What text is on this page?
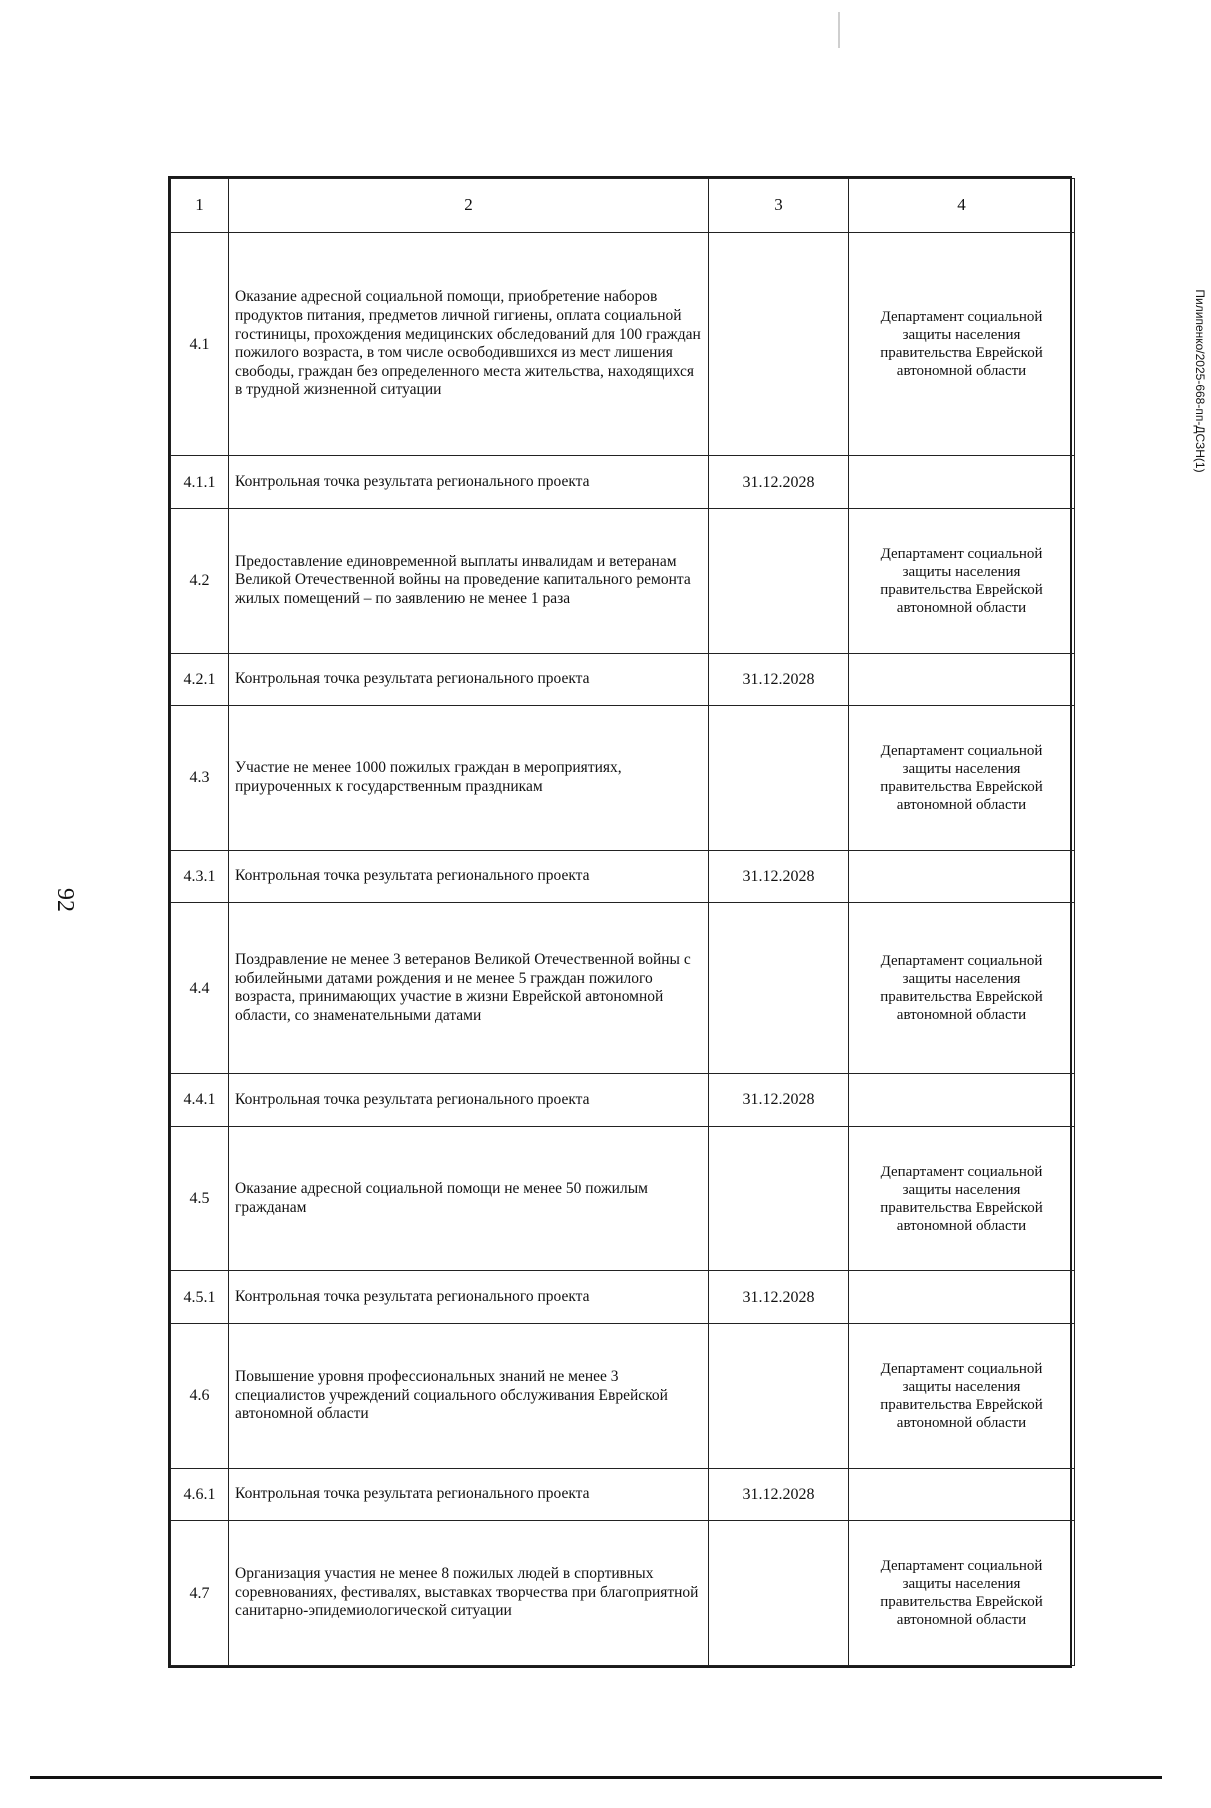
92
1	2	3	4
4.1	Оказание адресной социальной помощи, приобретение наборов продуктов питания, предметов личной гигиены, оплата социальной гостиницы, прохождения медицинских обследований для 100 граждан пожилого возраста, в том числе освободившихся из мест лишения свободы, граждан без определенного места жительства, находящихся в трудной жизненной ситуации		Департамент социальной защиты населения правительства Еврейской автономной области
4.1.1	Контрольная точка результата регионального проекта	31.12.2028	
4.2	Предоставление единовременной выплаты инвалидам и ветеранам Великой Отечественной войны на проведение капитального ремонта жилых помещений – по заявлению не менее 1 раза		Департамент социальной защиты населения правительства Еврейской автономной области
4.2.1	Контрольная точка результата регионального проекта	31.12.2028	
4.3	Участие не менее 1000 пожилых граждан в мероприятиях, приуроченных к государственным праздникам		Департамент социальной защиты населения правительства Еврейской автономной области
4.3.1	Контрольная точка результата регионального проекта	31.12.2028	
4.4	Поздравление не менее 3 ветеранов Великой Отечественной войны с юбилейными датами рождения и не менее 5 граждан пожилого возраста, принимающих участие в жизни Еврейской автономной области, со знаменательными датами		Департамент социальной защиты населения правительства Еврейской автономной области
4.4.1	Контрольная точка результата регионального проекта	31.12.2028	
4.5	Оказание адресной социальной помощи не менее 50 пожилым гражданам		Департамент социальной защиты населения правительства Еврейской автономной области
4.5.1	Контрольная точка результата регионального проекта	31.12.2028	
4.6	Повышение уровня профессиональных знаний не менее 3 специалистов учреждений социального обслуживания Еврейской автономной области		Департамент социальной защиты населения правительства Еврейской автономной области
4.6.1	Контрольная точка результата регионального проекта	31.12.2028	
4.7	Организация участия не менее 8 пожилых людей в спортивных соревнованиях, фестивалях, выставках творчества при благоприятной санитарно-эпидемиологической ситуации		Департамент социальной защиты населения правительства Еврейской автономной области
Пилипенко/2025-668-пп-ДСЗН(1)
